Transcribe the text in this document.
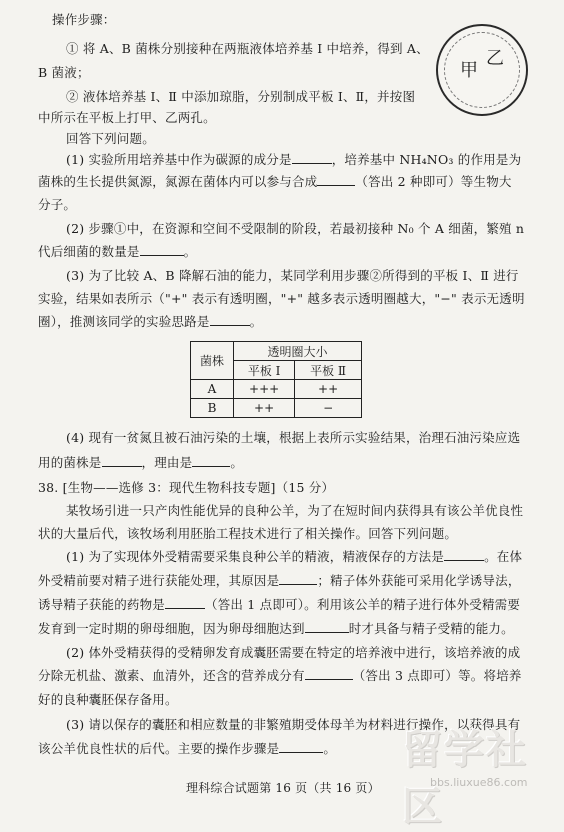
操作步骤：
① 将 A、B 菌株分别接种在两瓶液体培养基 Ⅰ 中培养，得到 A、
B 菌液；
② 液体培养基 Ⅰ、Ⅱ 中添加琼脂，分别制成平板 Ⅰ、Ⅱ，并按图
中所示在平板上打甲、乙两孔。
回答下列问题。
甲
乙
(1) 实验所用培养基中作为碳源的成分是	，培养基中 NH₄NO₃ 的作用是为
菌株的生长提供氮源，氮源在菌体内可以参与合成	（答出 2 种即可）等生物大
分子。
(2) 步骤①中，在资源和空间不受限制的阶段，若最初接种 N₀ 个 A 细菌，繁殖 n
代后细菌的数量是	。
(3) 为了比较 A、B 降解石油的能力，某同学利用步骤②所得到的平板 Ⅰ、Ⅱ 进行
实验，结果如表所示（"+" 表示有透明圈，"+" 越多表示透明圈越大，"−" 表示无透明
圈），推测该同学的实验思路是	。
菌株	透明圈大小	
	平板 Ⅰ	平板 Ⅱ
A	+++	++
B	++	−
(4) 现有一贫氮且被石油污染的土壤，根据上表所示实验结果，治理石油污染应选
用的菌株是	，理由是	。
38. [生物——选修 3：现代生物科技专题]（15 分）
某牧场引进一只产肉性能优异的良种公羊，为了在短时间内获得具有该公羊优良性
状的大量后代，该牧场利用胚胎工程技术进行了相关操作。回答下列问题。
(1) 为了实现体外受精需要采集良种公羊的精液，精液保存的方法是	。在体
外受精前要对精子进行获能处理，其原因是	；精子体外获能可采用化学诱导法，
诱导精子获能的药物是	（答出 1 点即可）。利用该公羊的精子进行体外受精需要
发育到一定时期的卵母细胞，因为卵母细胞达到	时才具备与精子受精的能力。
(2) 体外受精获得的受精卵发育成囊胚需要在特定的培养液中进行，该培养液的成
分除无机盐、激素、血清外，还含的营养成分有	（答出 3 点即可）等。将培养
好的良种囊胚保存备用。
(3) 请以保存的囊胚和相应数量的非繁殖期受体母羊为材料进行操作，以获得具有
该公羊优良性状的后代。主要的操作步骤是	。
理科综合试题第 16 页（共 16 页）
留学社区
bbs.liuxue86.com
